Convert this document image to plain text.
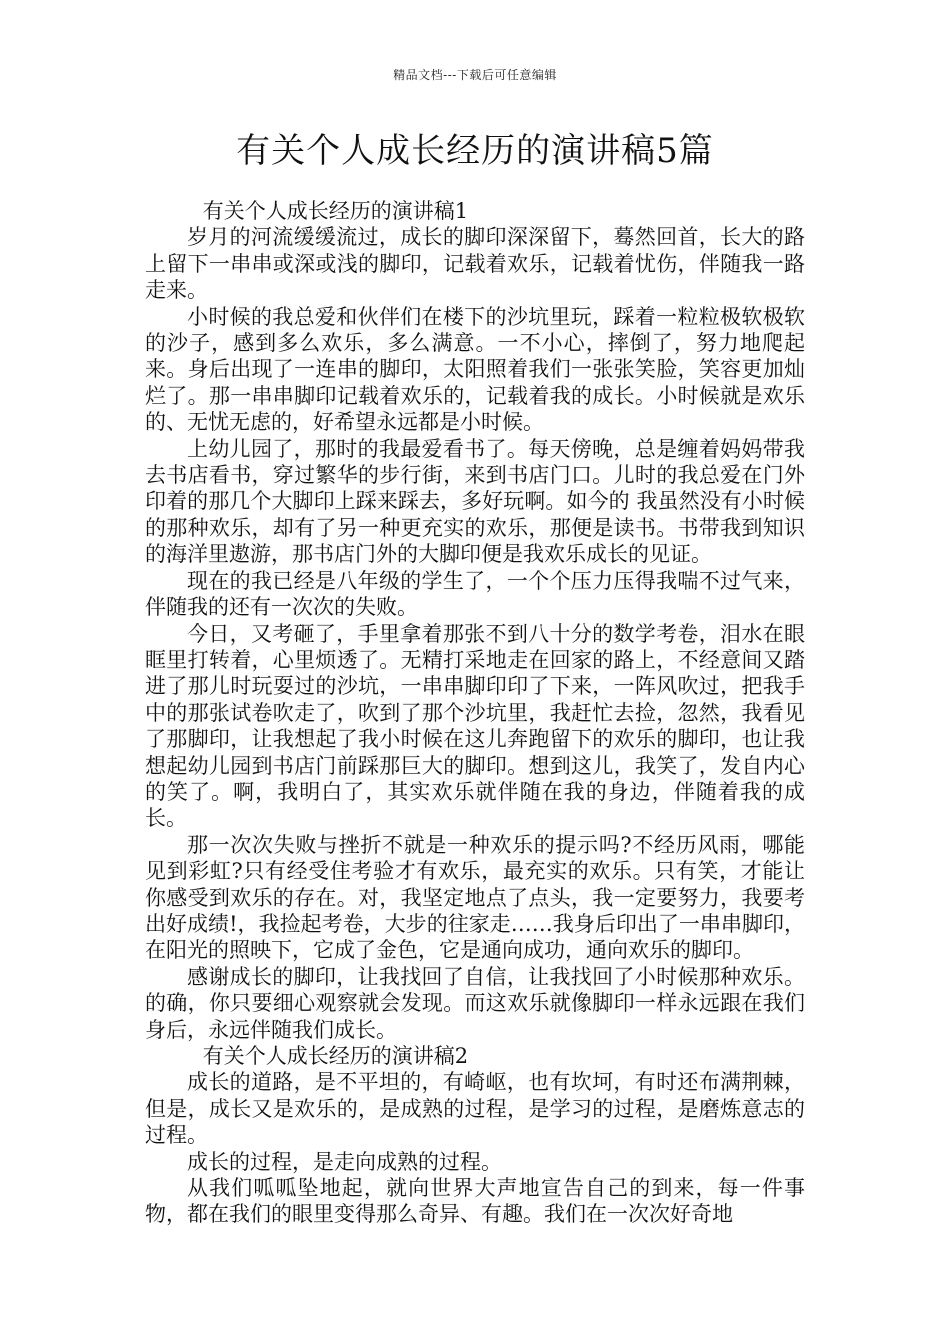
精品文档---下载后可任意编辑
有关个人成长经历的演讲稿5篇

有关个人成长经历的演讲稿1

岁月的河流缓缓流过，成长的脚印深深留下，蓦然回首，长大的路上留下一串串或深或浅的脚印，记载着欢乐，记载着忧伤，伴随我一路走来。

小时候的我总爱和伙伴们在楼下的沙坑里玩，踩着一粒粒极软极软的沙子，感到多么欢乐，多么满意。一不小心，摔倒了，努力地爬起来。身后出现了一连串的脚印，太阳照着我们一张张笑脸，笑容更加灿烂了。那一串串脚印记载着欢乐的，记载着我的成长。小时候就是欢乐的、无忧无虑的，好希望永远都是小时候。

上幼儿园了，那时的我最爱看书了。每天傍晚，总是缠着妈妈带我去书店看书，穿过繁华的步行街，来到书店门口。儿时的我总爱在门外印着的那几个大脚印上踩来踩去，多好玩啊。如今的 我虽然没有小时候的那种欢乐，却有了另一种更充实的欢乐，那便是读书。书带我到知识的海洋里遨游，那书店门外的大脚印便是我欢乐成长的见证。

现在的我已经是八年级的学生了，一个个压力压得我喘不过气来，伴随我的还有一次次的失败。

今日，又考砸了，手里拿着那张不到八十分的数学考卷，泪水在眼眶里打转着，心里烦透了。无精打采地走在回家的路上，不经意间又踏进了那儿时玩耍过的沙坑，一串串脚印印了下来，一阵风吹过，把我手中的那张试卷吹走了，吹到了那个沙坑里，我赶忙去捡，忽然，我看见了那脚印，让我想起了我小时候在这儿奔跑留下的欢乐的脚印，也让我想起幼儿园到书店门前踩那巨大的脚印。想到这儿，我笑了，发自内心的笑了。啊，我明白了，其实欢乐就伴随在我的身边，伴随着我的成长。

那一次次失败与挫折不就是一种欢乐的提示吗?不经历风雨，哪能见到彩虹?只有经受住考验才有欢乐，最充实的欢乐。只有笑，才能让你感受到欢乐的存在。对，我坚定地点了点头，我一定要努力，我要考出好成绩!，我捡起考卷，大步的往家走……我身后印出了一串串脚印，在阳光的照映下，它成了金色，它是通向成功，通向欢乐的脚印。

感谢成长的脚印，让我找回了自信，让我找回了小时候那种欢乐。的确，你只要细心观察就会发现。而这欢乐就像脚印一样永远跟在我们身后，永远伴随我们成长。

有关个人成长经历的演讲稿2

成长的道路，是不平坦的，有崎岖，也有坎坷，有时还布满荆棘，但是，成长又是欢乐的，是成熟的过程，是学习的过程，是磨炼意志的过程。

成长的过程，是走向成熟的过程。

从我们呱呱坠地起，就向世界大声地宣告自己的到来，每一件事物，都在我们的眼里变得那么奇异、有趣。我们在一次次好奇地
